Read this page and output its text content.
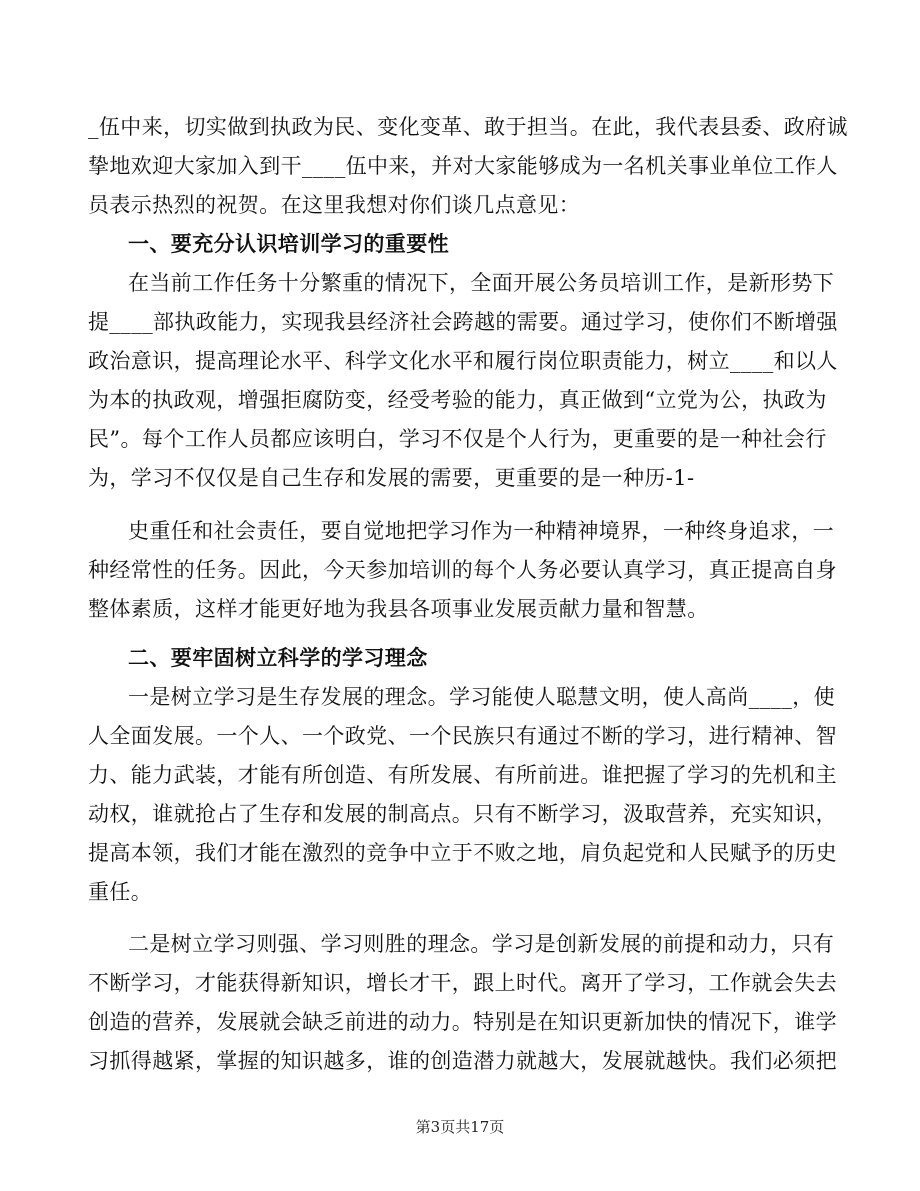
_伍中来，切实做到执政为民、变化变革、敢于担当。在此，我代表县委、政府诚
挚地欢迎大家加入到干____伍中来，并对大家能够成为一名机关事业单位工作人
员表示热烈的祝贺。在这里我想对你们谈几点意见：
一、要充分认识培训学习的重要性
在当前工作任务十分繁重的情况下，全面开展公务员培训工作，是新形势下
提____部执政能力，实现我县经济社会跨越的需要。通过学习，使你们不断增强
政治意识，提高理论水平、科学文化水平和履行岗位职责能力，树立____和以人
为本的执政观，增强拒腐防变，经受考验的能力，真正做到“立党为公，执政为
民”。每个工作人员都应该明白，学习不仅是个人行为，更重要的是一种社会行
为，学习不仅仅是自己生存和发展的需要，更重要的是一种历-1-
史重任和社会责任，要自觉地把学习作为一种精神境界，一种终身追求，一
种经常性的任务。因此，今天参加培训的每个人务必要认真学习，真正提高自身
整体素质，这样才能更好地为我县各项事业发展贡献力量和智慧。
二、要牢固树立科学的学习理念
一是树立学习是生存发展的理念。学习能使人聪慧文明，使人高尚____，使
人全面发展。一个人、一个政党、一个民族只有通过不断的学习，进行精神、智
力、能力武装，才能有所创造、有所发展、有所前进。谁把握了学习的先机和主
动权，谁就抢占了生存和发展的制高点。只有不断学习，汲取营养，充实知识，
提高本领，我们才能在激烈的竞争中立于不败之地，肩负起党和人民赋予的历史
重任。
二是树立学习则强、学习则胜的理念。学习是创新发展的前提和动力，只有
不断学习，才能获得新知识，增长才干，跟上时代。离开了学习，工作就会失去
创造的营养，发展就会缺乏前进的动力。特别是在知识更新加快的情况下，谁学
习抓得越紧，掌握的知识越多，谁的创造潜力就越大，发展就越快。我们必须把
第3页共17页
